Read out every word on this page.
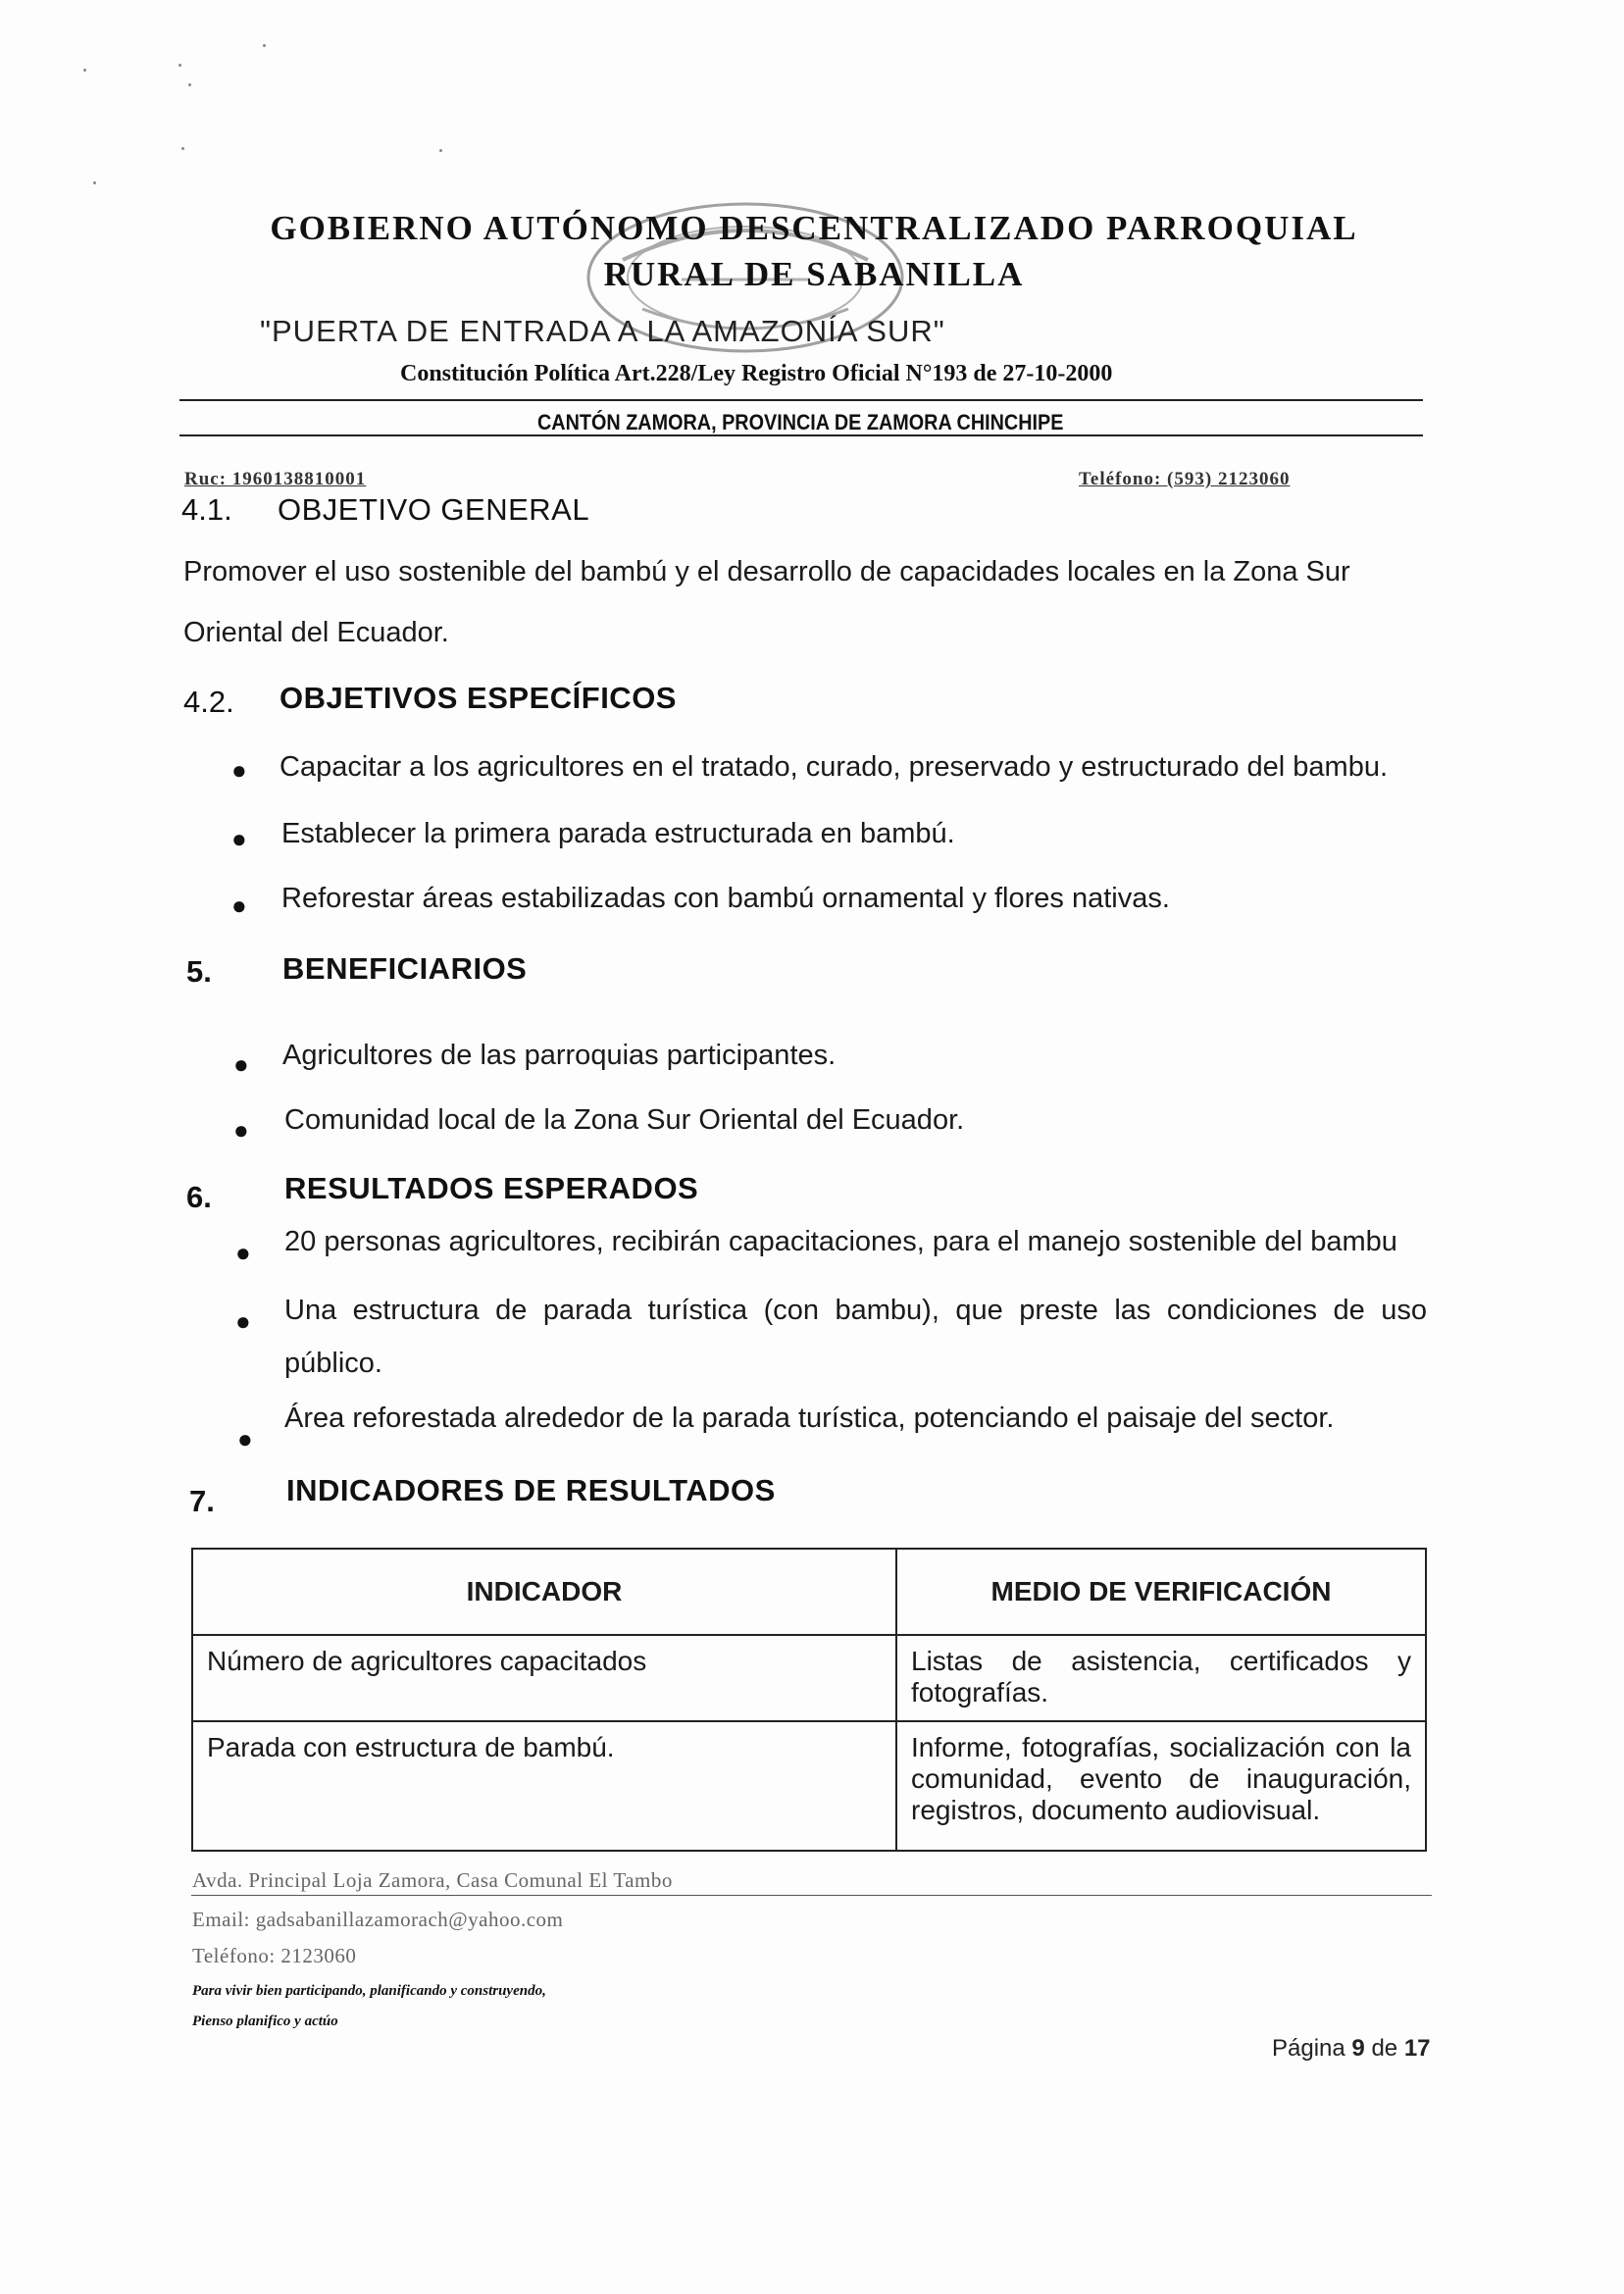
GOBIERNO AUTÓNOMO DESCENTRALIZADO PARROQUIAL
RURAL DE SABANILLA
"PUERTA DE ENTRADA A LA AMAZONÍA SUR"
Constitución Política Art.228/Ley Registro Oficial N°193 de 27-10-2000
CANTÓN ZAMORA, PROVINCIA DE ZAMORA CHINCHIPE
Ruc: 1960138810001	Teléfono: (593) 2123060
4.1. OBJETIVO GENERAL
Promover el uso sostenible del bambú y el desarrollo de capacidades locales en la Zona Sur
Oriental del Ecuador.
4.2. OBJETIVOS ESPECÍFICOS
● Capacitar a los agricultores en el tratado, curado, preservado y estructurado del bambu.
● Establecer la primera parada estructurada en bambú.
● Reforestar áreas estabilizadas con bambú ornamental y flores nativas.
5. BENEFICIARIOS
● Agricultores de las parroquias participantes.
● Comunidad local de la Zona Sur Oriental del Ecuador.
6. RESULTADOS ESPERADOS
● 20 personas agricultores, recibirán capacitaciones, para el manejo sostenible del bambu
● Una estructura de parada turística (con bambu), que preste las condiciones de uso
público.
●
Área reforestada alrededor de la parada turística, potenciando el paisaje del sector.
7. INDICADORES DE RESULTADOS
INDICADOR	MEDIO DE VERIFICACIÓN
Número de agricultores capacitados	Listas de asistencia, certificados y fotografías.
Parada con estructura de bambú.	Informe, fotografías, socialización con la comunidad, evento de inauguración, registros, documento audiovisual.
Avda. Principal Loja Zamora, Casa Comunal El Tambo
Email: gadsabanillazamorach@yahoo.com
Teléfono: 2123060
Para vivir bien participando, planificando y construyendo,
Pienso planifico y actúo
Página 9 de 17
